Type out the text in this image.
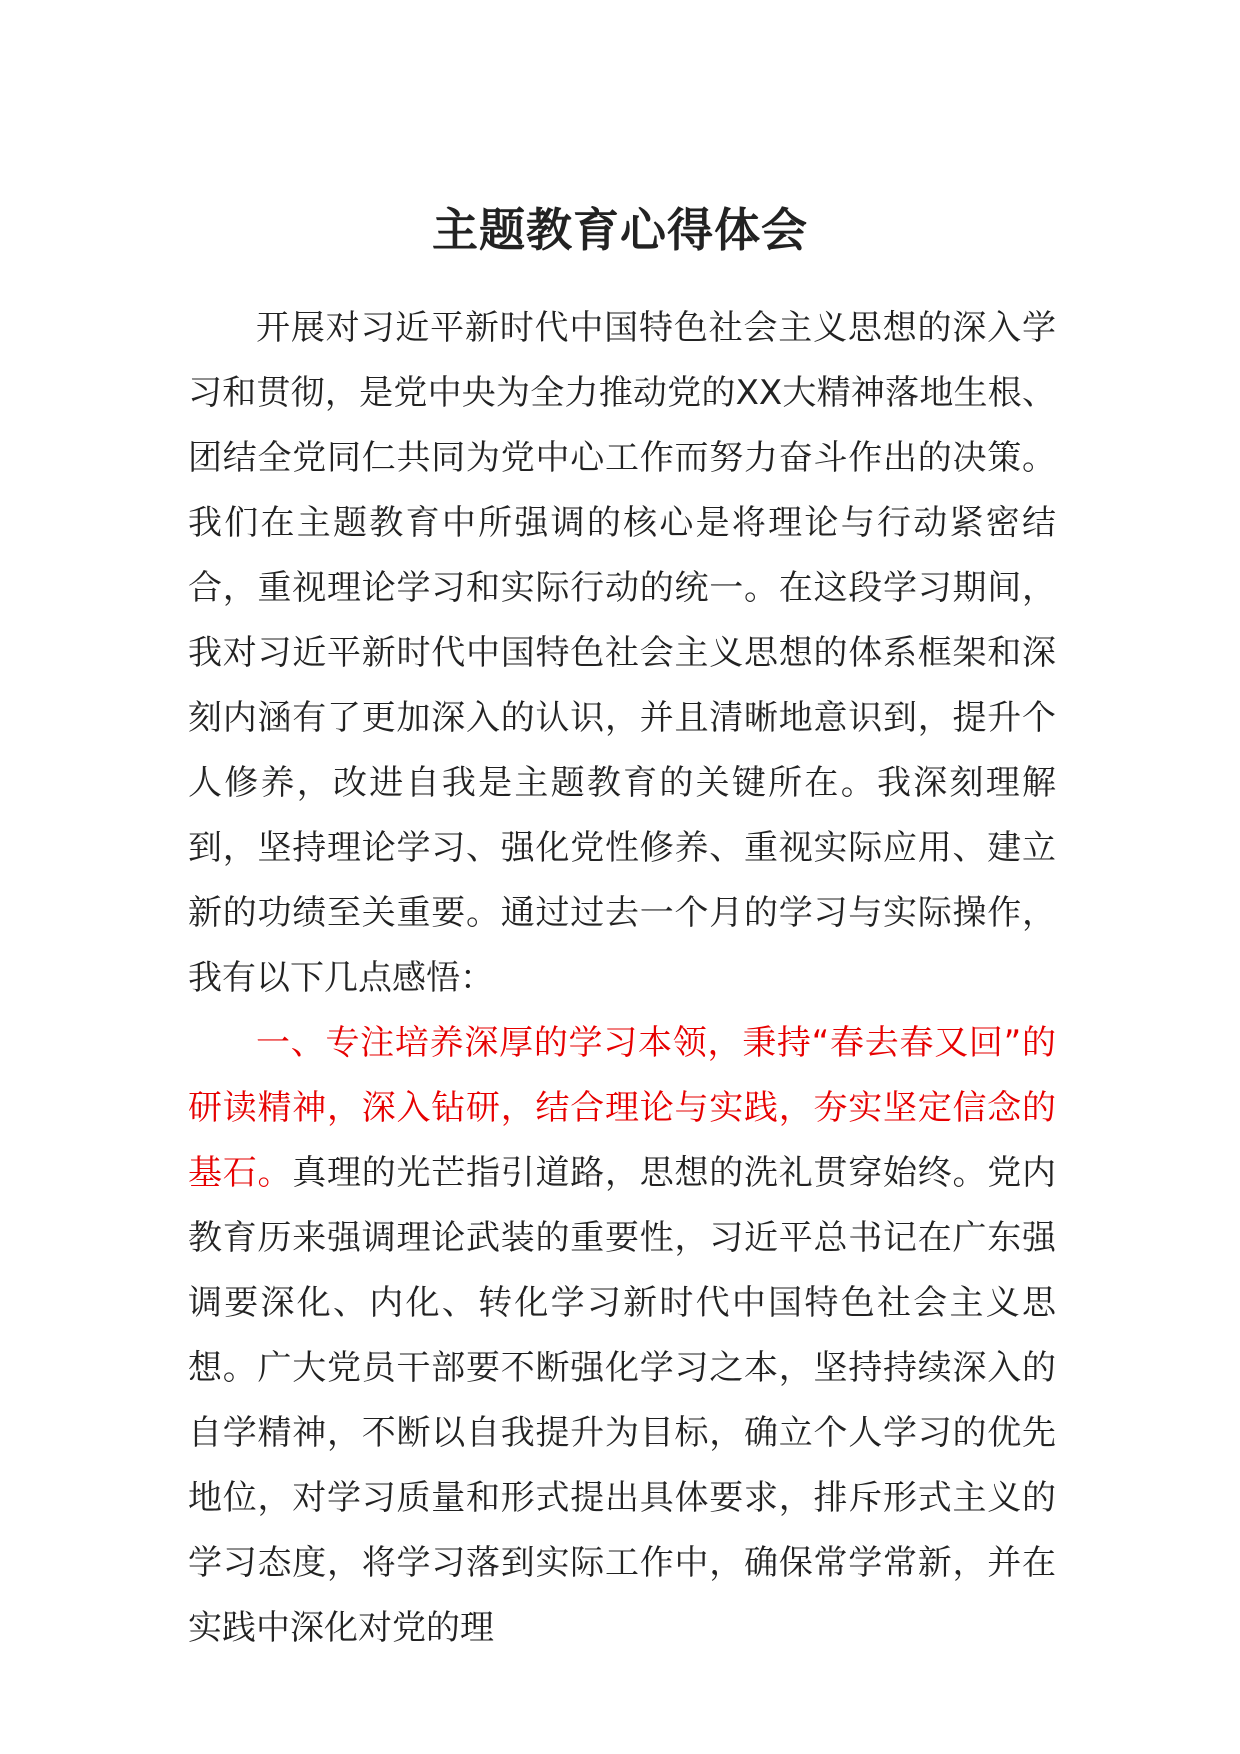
主题教育心得体会

开展对习近平新时代中国特色社会主义思想的深入学习和贯彻，是党中央为全力推动党的XX大精神落地生根、团结全党同仁共同为党中心工作而努力奋斗作出的决策。我们在主题教育中所强调的核心是将理论与行动紧密结合，重视理论学习和实际行动的统一。在这段学习期间，我对习近平新时代中国特色社会主义思想的体系框架和深刻内涵有了更加深入的认识，并且清晰地意识到，提升个人修养，改进自我是主题教育的关键所在。我深刻理解到，坚持理论学习、强化党性修养、重视实际应用、建立新的功绩至关重要。通过过去一个月的学习与实际操作，我有以下几点感悟：

一、专注培养深厚的学习本领，秉持“春去春又回”的研读精神，深入钻研，结合理论与实践，夯实坚定信念的基石。真理的光芒指引道路，思想的洗礼贯穿始终。党内教育历来强调理论武装的重要性，习近平总书记在广东强调要深化、内化、转化学习新时代中国特色社会主义思想。广大党员干部要不断强化学习之本，坚持持续深入的自学精神，不断以自我提升为目标，确立个人学习的优先地位，对学习质量和形式提出具体要求，排斥形式主义的学习态度，将学习落到实际工作中，确保常学常新，并在实践中深化对党的理
